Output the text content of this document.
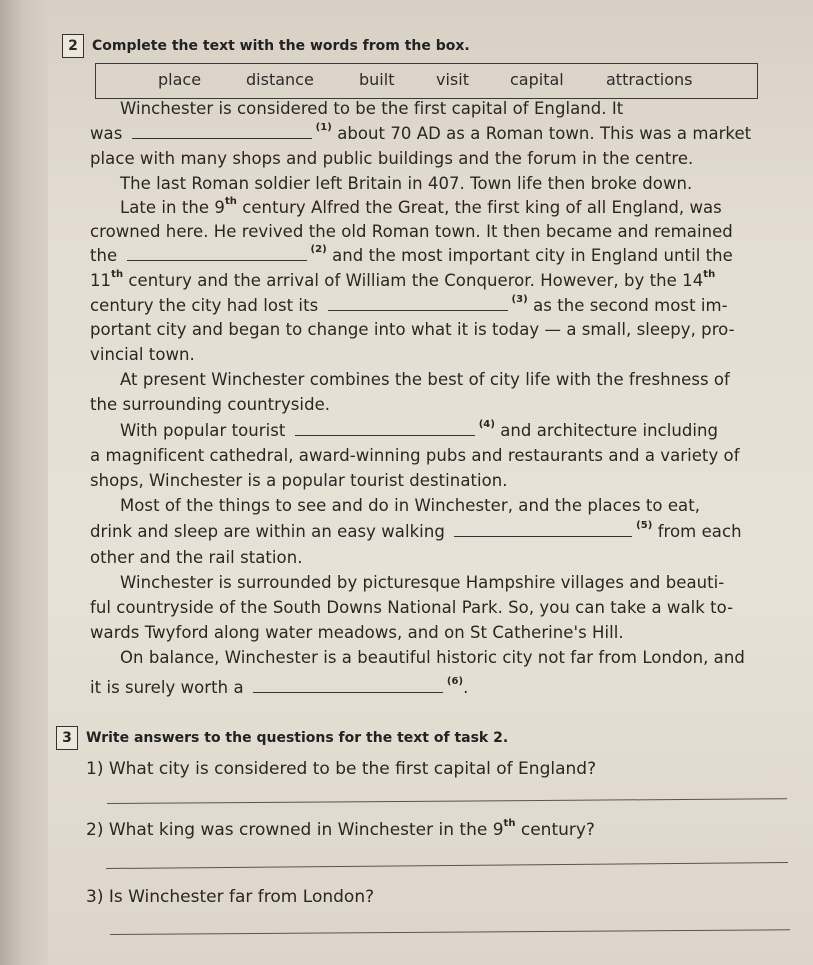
2	Complete the text with the words from the box.
place	distance	built	visit	capital	attractions
Winchester is considered to be the first capital of England. It
was	$^{(1)}$ about 70 AD as a Roman town. This was a market
place with many shops and public buildings and the forum in the centre.
The last Roman soldier left Britain in 407. Town life then broke down.
Late in the 9th century Alfred the Great, the first king of all England, was
crowned here. He revived the old Roman town. It then became and remained
the	$^{(2)}$ and the most important city in England until the
11th century and the arrival of William the Conqueror. However, by the 14th
century the city had lost its	$^{(3)}$ as the second most im-
portant city and began to change into what it is today — a small, sleepy, pro-
vincial town.
At present Winchester combines the best of city life with the freshness of
the surrounding countryside.
With popular tourist	$^{(4)}$ and architecture including
a magnificent cathedral, award-winning pubs and restaurants and a variety of
shops, Winchester is a popular tourist destination.
Most of the things to see and do in Winchester, and the places to eat,
drink and sleep are within an easy walking	$^{(5)}$ from each
other and the rail station.
Winchester is surrounded by picturesque Hampshire villages and beauti-
ful countryside of the South Downs National Park. So, you can take a walk to-
wards Twyford along water meadows, and on St Catherine's Hill.
On balance, Winchester is a beautiful historic city not far from London, and
it is surely worth a	$^{(6)}$.
3	Write answers to the questions for the text of task 2.
1) What city is considered to be the first capital of England?
2) What king was crowned in Winchester in the 9th century?
3) Is Winchester far from London?
